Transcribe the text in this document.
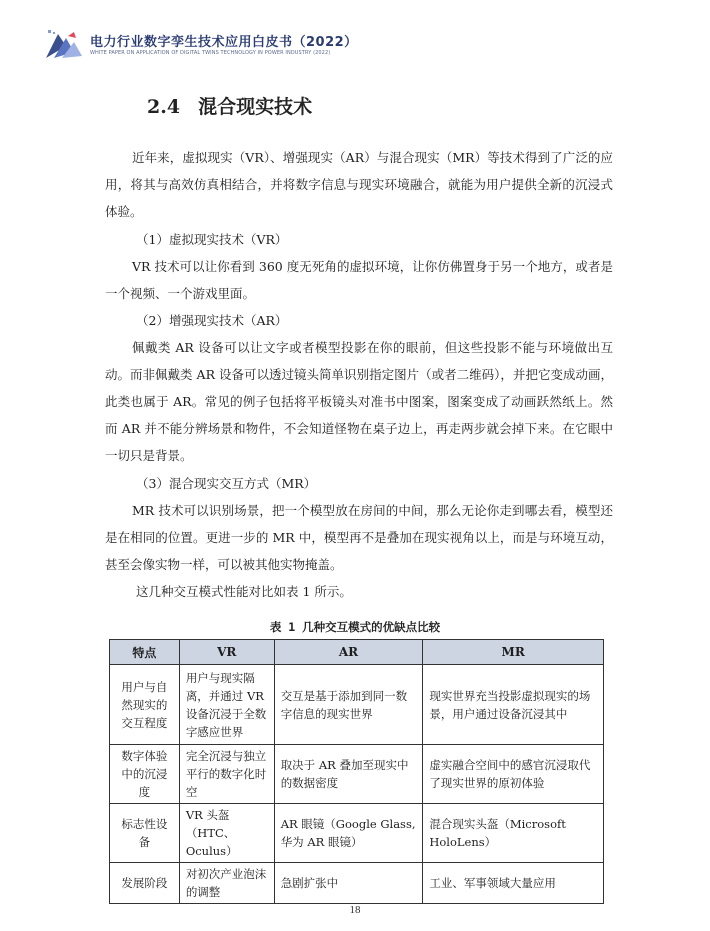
电力行业数字孪生技术应用白皮书（2022）
WHITE PAPER ON APPLICATION OF DIGITAL TWINS TECHNOLOGY IN POWER INDUSTRY (2022)
2.4 混合现实技术
近年来，虚拟现实（VR）、增强现实（AR）与混合现实（MR）等技术得到了广泛的应用，将其与高效仿真相结合，并将数字信息与现实环境融合，就能为用户提供全新的沉浸式体验。
（1）虚拟现实技术（VR）
VR 技术可以让你看到 360 度无死角的虚拟环境，让你仿佛置身于另一个地方，或者是一个视频、一个游戏里面。
（2）增强现实技术（AR）
佩戴类 AR 设备可以让文字或者模型投影在你的眼前，但这些投影不能与环境做出互动。而非佩戴类 AR 设备可以透过镜头简单识别指定图片（或者二维码），并把它变成动画，此类也属于 AR。常见的例子包括将平板镜头对准书中图案，图案变成了动画跃然纸上。然而 AR 并不能分辨场景和物件，不会知道怪物在桌子边上，再走两步就会掉下来。在它眼中一切只是背景。
（3）混合现实交互方式（MR）
MR 技术可以识别场景，把一个模型放在房间的中间，那么无论你走到哪去看，模型还是在相同的位置。更进一步的 MR 中，模型再不是叠加在现实视角以上，而是与环境互动，甚至会像实物一样，可以被其他实物掩盖。
这几种交互模式性能对比如表 1 所示。
表 1 几种交互模式的优缺点比较
特点	VR	AR	MR
用户与自然现实的交互程度	用户与现实隔离，并通过 VR 设备沉浸于全数字感应世界	交互是基于添加到同一数字信息的现实世界	现实世界充当投影虚拟现实的场景，用户通过设备沉浸其中
数字体验中的沉浸度	完全沉浸与独立平行的数字化时空	取决于 AR 叠加至现实中的数据密度	虚实融合空间中的感官沉浸取代了现实世界的原初体验
标志性设备	VR 头盔（HTC、Oculus）	AR 眼镜（Google Glass, 华为 AR 眼镜）	混合现实头盔（Microsoft HoloLens）
发展阶段	对初次产业泡沫的调整	急剧扩张中	工业、军事领域大量应用
18
